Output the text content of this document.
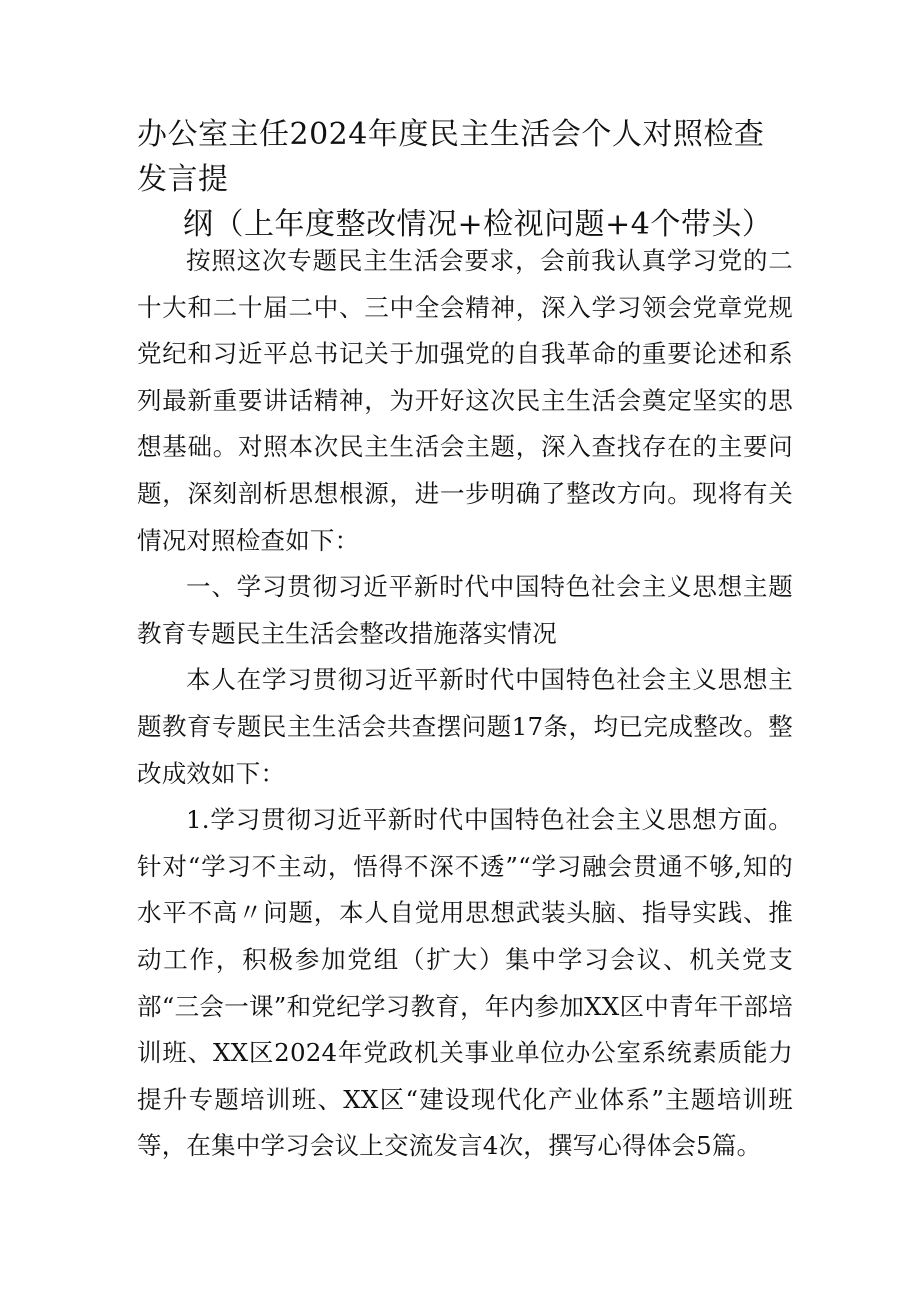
办公室主任2024年度民主生活会个人对照检查发言提
纲（上年度整改情况+检视问题+4个带头）

按照这次专题民主生活会要求，会前我认真学习党的二十大和二十届二中、三中全会精神，深入学习领会党章党规党纪和习近平总书记关于加强党的自我革命的重要论述和系列最新重要讲话精神，为开好这次民主生活会奠定坚实的思想基础。对照本次民主生活会主题，深入查找存在的主要问题，深刻剖析思想根源，进一步明确了整改方向。现将有关情况对照检查如下：

一、学习贯彻习近平新时代中国特色社会主义思想主题教育专题民主生活会整改措施落实情况

本人在学习贯彻习近平新时代中国特色社会主义思想主题教育专题民主生活会共查摆问题17条，均已完成整改。整改成效如下：

1.学习贯彻习近平新时代中国特色社会主义思想方面。针对“学习不主动，悟得不深不透”“学习融会贯通不够,知的水平不高〃问题，本人自觉用思想武装头脑、指导实践、推动工作，积极参加党组（扩大）集中学习会议、机关党支部“三会一课”和党纪学习教育，年内参加XX区中青年干部培训班、XX区2024年党政机关事业单位办公室系统素质能力提升专题培训班、XX区“建设现代化产业体系”主题培训班等，在集中学习会议上交流发言4次，撰写心得体会5篇。
